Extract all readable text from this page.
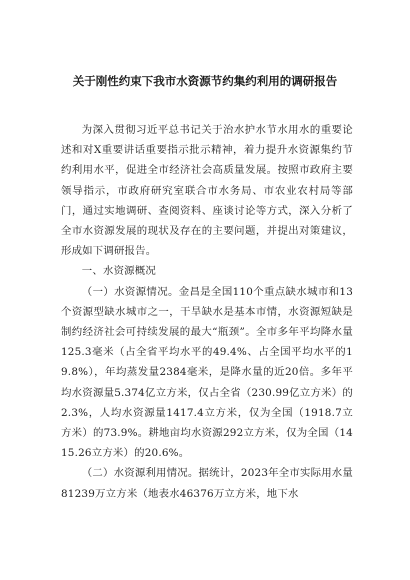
关于刚性约束下我市水资源节约集约利用的调研报告

为深入贯彻习近平总书记关于治水护水节水用水的重要论述和对X重要讲话重要指示批示精神，着力提升水资源集约节约利用水平，促进全市经济社会高质量发展。按照市政府主要领导指示，市政府研究室联合市水务局、市农业农村局等部门，通过实地调研、查阅资料、座谈讨论等方式，深入分析了全市水资源发展的现状及存在的主要问题，并提出对策建议，形成如下调研报告。

一、水资源概况

（一）水资源情况。金昌是全国110个重点缺水城市和13个资源型缺水城市之一，干旱缺水是基本市情，水资源短缺是制约经济社会可持续发展的最大“瓶颈”。全市多年平均降水量125.3毫米（占全省平均水平的49.4%、占全国平均水平的19.8%），年均蒸发量2384毫米，是降水量的近20倍。多年平均水资源量5.374亿立方米，仅占全省（230.99亿立方米）的2.3%，人均水资源量1417.4立方米，仅为全国（1918.7立方米）的73.9%。耕地亩均水资源292立方米，仅为全国（1415.26立方米）的20.6%。

（二）水资源利用情况。据统计，2023年全市实际用水量81239万立方米（地表水46376万立方米，地下水
